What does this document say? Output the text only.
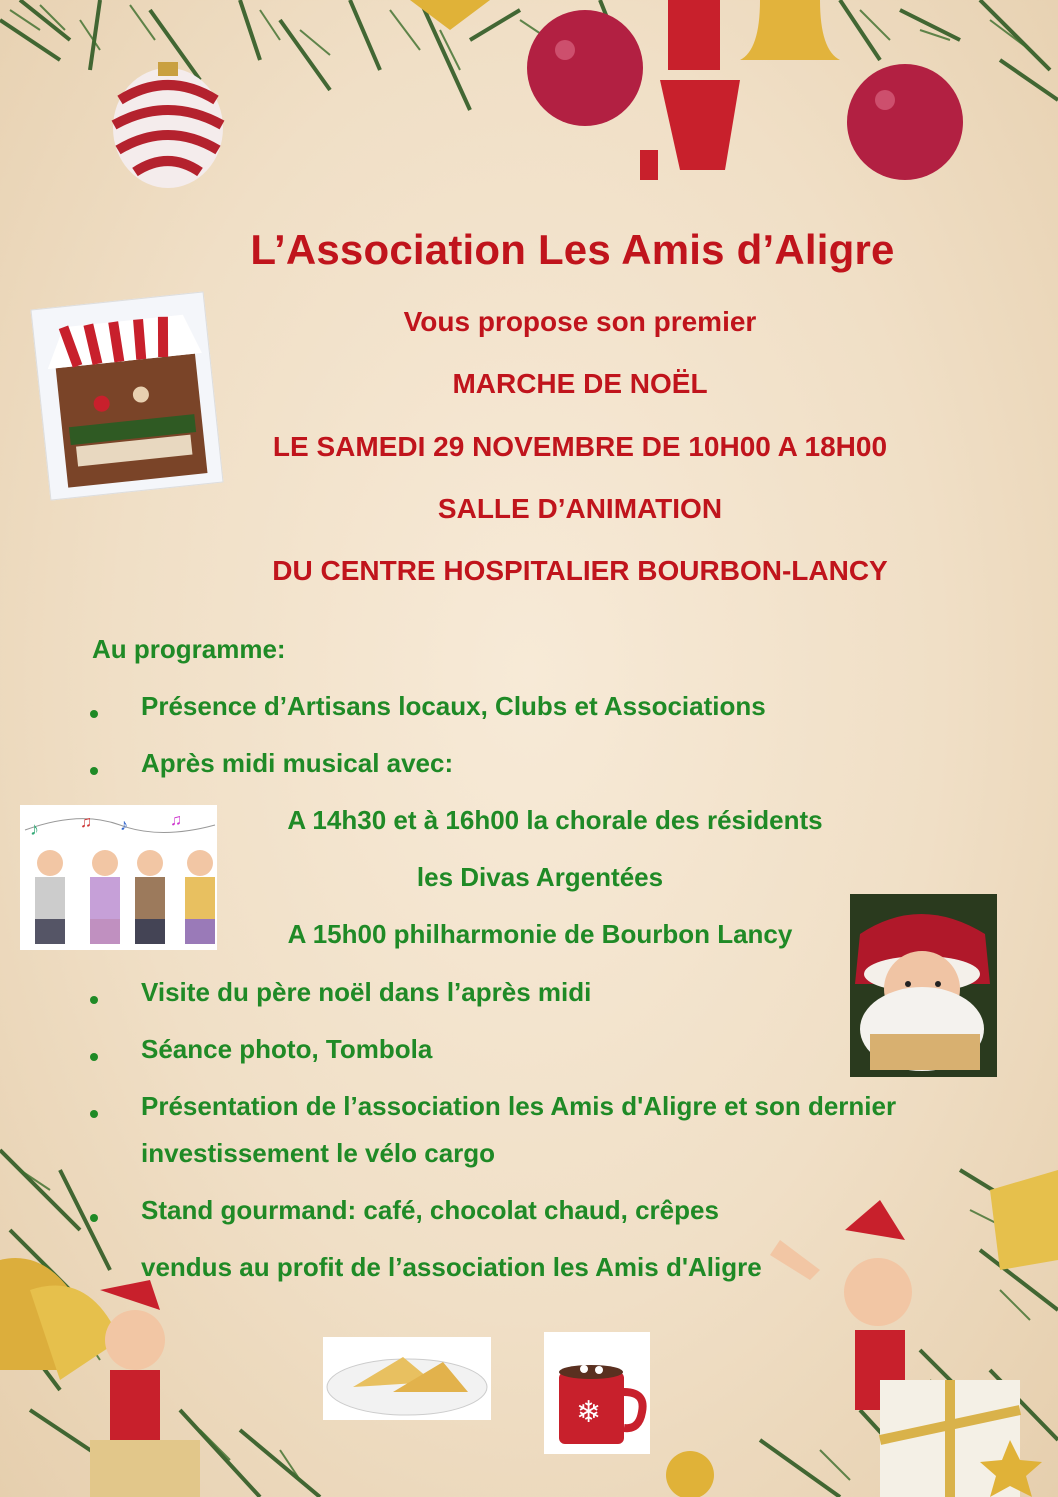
♪	♫ ♪	♫
❄
L’Association Les Amis d’Aligre
Vous propose son premier
MARCHE DE NOËL
LE SAMEDI 29 NOVEMBRE DE 10H00 A 18H00
SALLE D’ANIMATION
DU CENTRE HOSPITALIER BOURBON-LANCY
Au programme:
Présence d’Artisans locaux, Clubs et Associations
Après midi musical avec:
A 14h30 et à 16h00 la chorale des résidents
les Divas Argentées
A 15h00 philharmonie de Bourbon Lancy
Visite du père noël dans l’après midi
Séance photo, Tombola
Présentation de l’association les Amis d'Aligre et son dernier
investissement le vélo cargo
Stand gourmand: café, chocolat chaud, crêpes
vendus au profit de l’association les Amis d'Aligre
